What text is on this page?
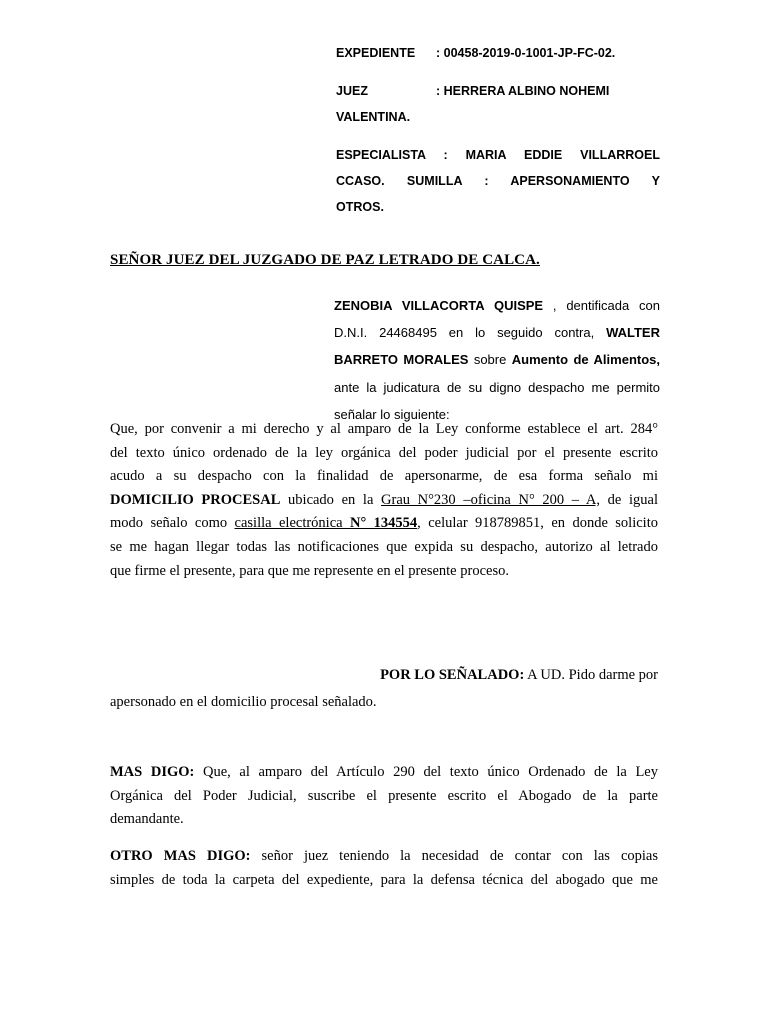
EXPEDIENTE : 00458-2019-0-1001-JP-FC-02.
JUEZ	: HERRERA ALBINO NOHEMI
VALENTINA.
ESPECIALISTA : MARIA EDDIE VILLARROEL
CCASO. SUMILLA : APERSONAMIENTO Y
OTROS.
SEÑOR JUEZ DEL JUZGADO DE PAZ LETRADO DE CALCA.
ZENOBIA VILLACORTA QUISPE , dentificada con D.N.I. 24468495 en lo seguido contra, WALTER BARRETO MORALES sobre Aumento de Alimentos, ante la judicatura de su digno despacho me permito señalar lo siguiente:
Que, por convenir a mi derecho y al amparo de la Ley conforme establece el art. 284°
del texto único ordenado de la ley orgánica del poder judicial por el presente escrito
acudo a su despacho con la finalidad de apersonarme, de esa forma señalo mi
DOMICILIO PROCESAL ubicado en la Grau N°230 –oficina N° 200 – A, de igual
modo señalo como casilla electrónica N° 134554, celular 918789851, en donde solicito
se me hagan llegar todas las notificaciones que expida su despacho, autorizo al letrado
que firme el presente, para que me represente en el presente proceso.
POR LO SEÑALADO: A UD. Pido darme por
apersonado en el domicilio procesal señalado.
MAS DIGO: Que, al amparo del Artículo 290 del texto único Ordenado de la Ley
Orgánica del Poder Judicial, suscribe el presente escrito el Abogado de la parte
demandante.
OTRO MAS DIGO: señor juez teniendo la necesidad de contar con las copias
simples de toda la carpeta del expediente, para la defensa técnica del abogado que me
